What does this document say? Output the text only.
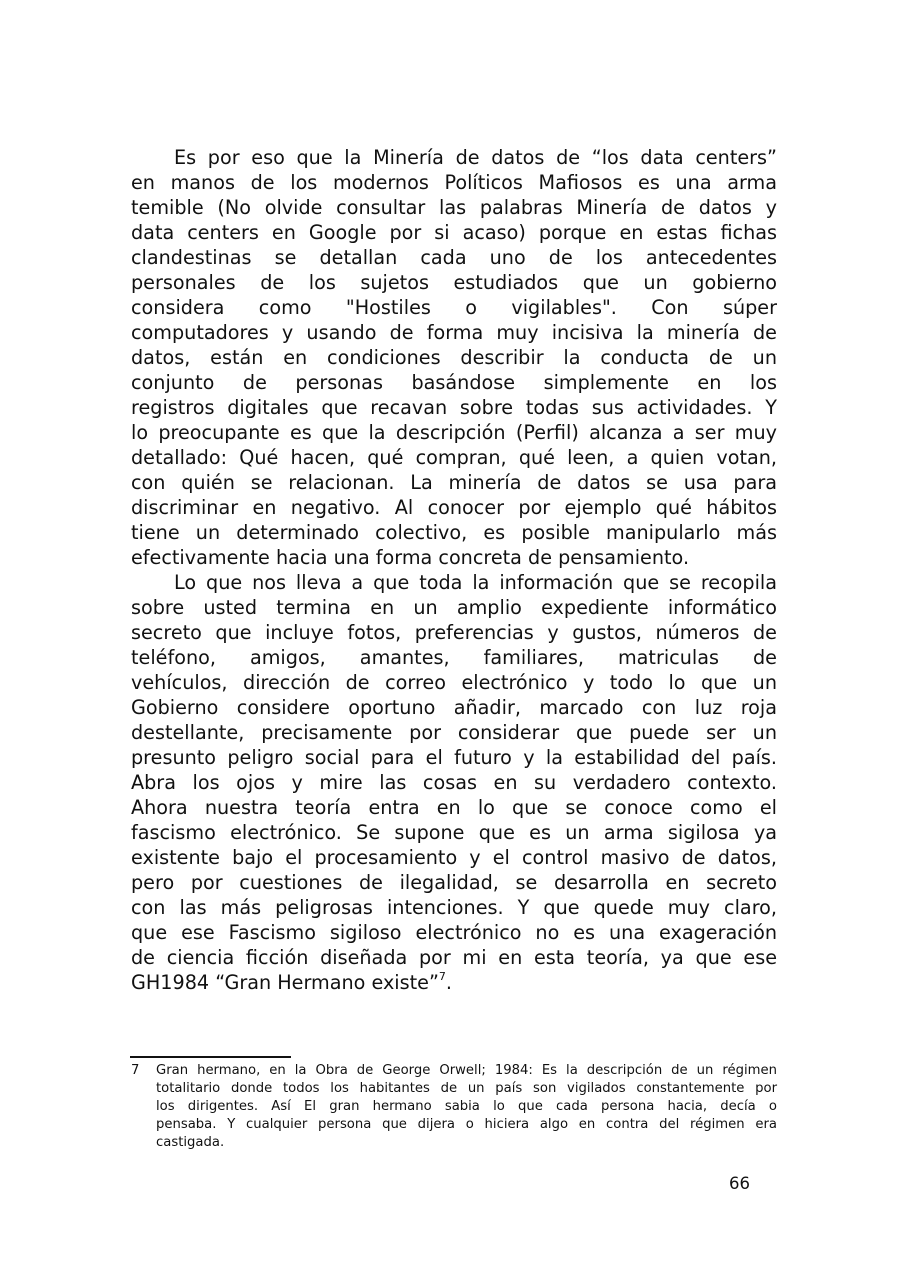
Es por eso que la Minería de datos de “los data centers”
en manos de los modernos Políticos Mafiosos es una arma
temible (No olvide consultar las palabras Minería de datos y
data centers en Google por si acaso) porque en estas fichas
clandestinas se detallan cada uno de los antecedentes
personales de los sujetos estudiados que un gobierno
considera como "Hostiles o vigilables". Con súper
computadores y usando de forma muy incisiva la minería de
datos, están en condiciones describir la conducta de un
conjunto de personas basándose simplemente en los
registros digitales que recavan sobre todas sus actividades. Y
lo preocupante es que la descripción (Perfil) alcanza a ser muy
detallado: Qué hacen, qué compran, qué leen, a quien votan,
con quién se relacionan. La minería de datos se usa para
discriminar en negativo. Al conocer por ejemplo qué hábitos
tiene un determinado colectivo, es posible manipularlo más
efectivamente hacia una forma concreta de pensamiento.
Lo que nos lleva a que toda la información que se recopila
sobre usted termina en un amplio expediente informático
secreto que incluye fotos, preferencias y gustos, números de
teléfono, amigos, amantes, familiares, matriculas de
vehículos, dirección de correo electrónico y todo lo que un
Gobierno considere oportuno añadir, marcado con luz roja
destellante, precisamente por considerar que puede ser un
presunto peligro social para el futuro y la estabilidad del país.
Abra los ojos y mire las cosas en su verdadero contexto.
Ahora nuestra teoría entra en lo que se conoce como el
fascismo electrónico. Se supone que es un arma sigilosa ya
existente bajo el procesamiento y el control masivo de datos,
pero por cuestiones de ilegalidad, se desarrolla en secreto
con las más peligrosas intenciones. Y que quede muy claro,
que ese Fascismo sigiloso electrónico no es una exageración
de ciencia ficción diseñada por mi en esta teoría, ya que ese
GH1984 “Gran Hermano existe”$^7$.
7 Gran hermano, en la Obra de George Orwell; 1984: Es la descripción de un régimen
totalitario donde todos los habitantes de un país son vigilados constantemente por
los dirigentes. Así El gran hermano sabia lo que cada persona hacia, decía o
pensaba. Y cualquier persona que dijera o hiciera algo en contra del régimen era
castigada.
66
